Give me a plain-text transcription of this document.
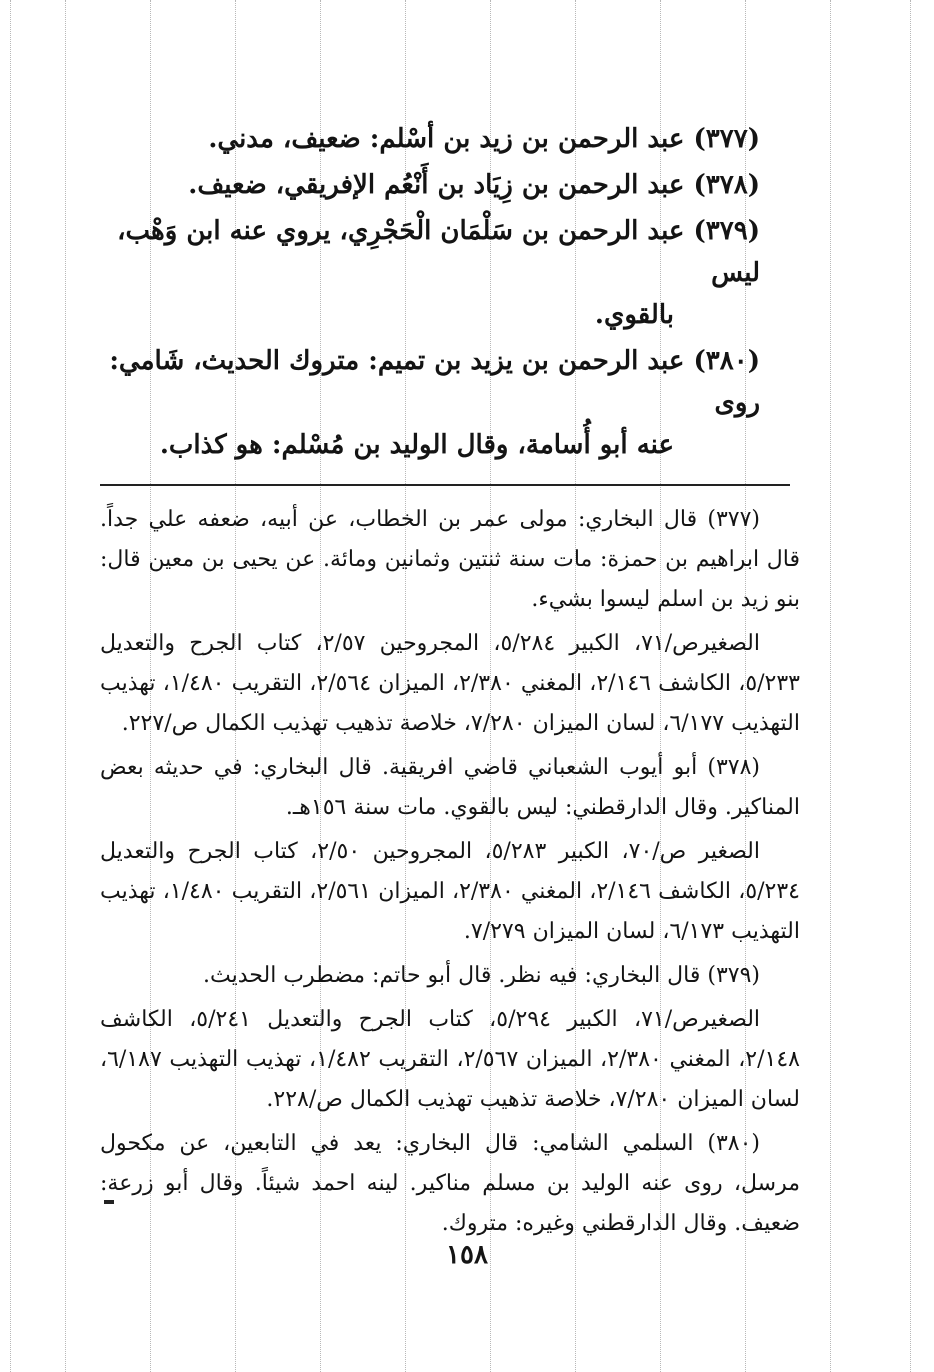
(٣٧٧) عبد الرحمن بن زيد بن أسْلم: ضعيف، مدني.

(٣٧٨) عبد الرحمن بن زِيَاد بن أَنْعُم الإفريقي، ضعيف.

(٣٧٩) عبد الرحمن بن سَلْمَان الْحَجْرِي، يروي عنه ابن وَهْب، ليس
بالقوي.

(٣٨٠) عبد الرحمن بن يزيد بن تميم: متروك الحديث، شَامي: روى
عنه أبو أُسامة، وقال الوليد بن مُسْلم: هو كذاب.

(٣٧٧) قال البخاري: مولى عمر بن الخطاب، عن أبيه، ضعفه علي جداً. قال ابراهيم بن حمزة: مات سنة ثنتين وثمانين ومائة. عن يحيى بن معين قال: بنو زيد بن اسلم ليسوا بشيء.

الصغيرص/٧١، الكبير ٥/٢٨٤، المجروحين ٢/٥٧، كتاب الجرح والتعديل ٥/٢٣٣، الكاشف ٢/١٤٦، المغني ٢/٣٨٠، الميزان ٢/٥٦٤، التقريب ١/٤٨٠، تهذيب التهذيب ٦/١٧٧، لسان الميزان ٧/٢٨٠، خلاصة تذهيب تهذيب الكمال ص/٢٢٧.

(٣٧٨) أبو أيوب الشعباني قاضي افريقية. قال البخاري: في حديثه بعض المناكير. وقال الدارقطني: ليس بالقوي. مات سنة ١٥٦هـ.

الصغير ص/٧٠، الكبير ٥/٢٨٣، المجروحين ٢/٥٠، كتاب الجرح والتعديل ٥/٢٣٤، الكاشف ٢/١٤٦، المغني ٢/٣٨٠، الميزان ٢/٥٦١، التقريب ١/٤٨٠، تهذيب التهذيب ٦/١٧٣، لسان الميزان ٧/٢٧٩.

(٣٧٩) قال البخاري: فيه نظر. قال أبو حاتم: مضطرب الحديث.

الصغيرص/٧١، الكبير ٥/٢٩٤، كتاب الجرح والتعديل ٥/٢٤١، الكاشف ٢/١٤٨، المغني ٢/٣٨٠، الميزان ٢/٥٦٧، التقريب ١/٤٨٢، تهذيب التهذيب ٦/١٨٧، لسان الميزان ٧/٢٨٠، خلاصة تذهيب تهذيب الكمال ص/٢٢٨.

(٣٨٠) السلمي الشامي: قال البخاري: يعد في التابعين، عن مكحول مرسل، روى عنه الوليد بن مسلم مناكير. لينه احمد شيئاً. وقال أبو زرعة: ضعيف. وقال الدارقطني وغيره: متروك.

١٥٨
